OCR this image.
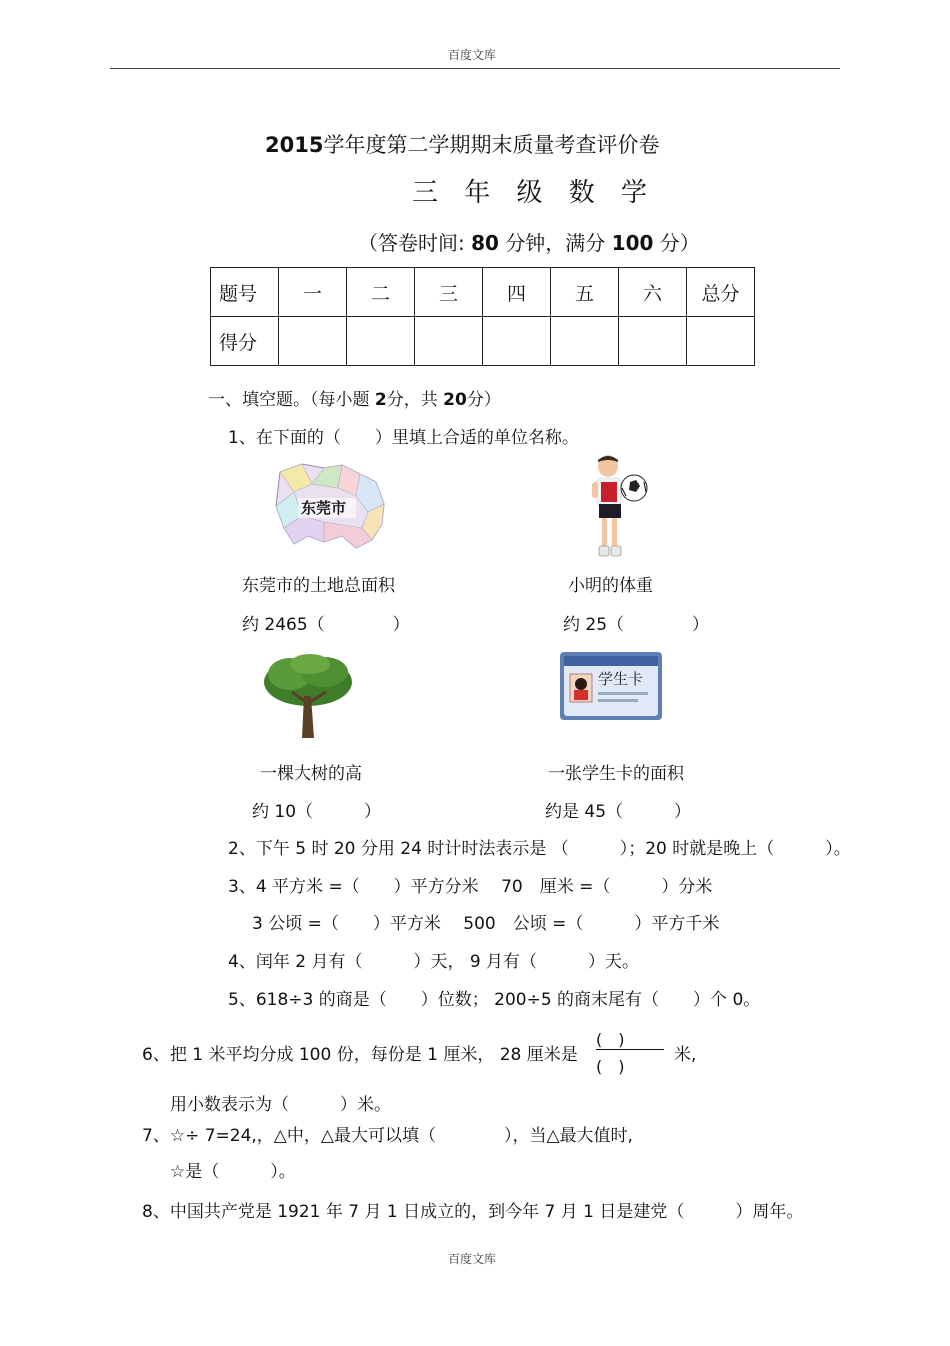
百度文库
2015学年度第二学期期末质量考查评价卷
三 年 级 数 学
（答卷时间: 80 分钟，满分 100 分）
题号	一	二	三	四	五	六	总分
得分							
一、填空题。（每小题 2分，共 20分）
1、在下面的（　　）里填上合适的单位名称。
东莞市
东莞市的土地总面积	小明的体重
约 2465（　　　　）	约 25（　　　　）
学生卡
一棵大树的高	一张学生卡的面积
约 10（　　　）	约是 45（　　　）
2、下午 5 时 20 分用 24 时计时法表示是 （　　　）；20 时就是晚上（　　　）。
3、4 平方米 =（　　）平方分米　 70　厘米 =（　　　）分米
3 公顷 =（　　）平方米　 500　公顷 =（　　　）平方千米
4、闰年 2 月有（　　　）天， 9 月有（　　　）天。
5、618÷3 的商是（　　）位数； 200÷5 的商末尾有（　　）个 0。
6、把 1 米平均分成 100 份，每份是 1 厘米， 28 厘米是
(　)
(　)
米,
用小数表示为（　　　）米。
7、☆÷ 7=24,，△中，△最大可以填（　　　　），当△最大值时,
☆是（　　　）。
8、中国共产党是 1921 年 7 月 1 日成立的，到今年 7 月 1 日是建党（　　　）周年。
百度文库
